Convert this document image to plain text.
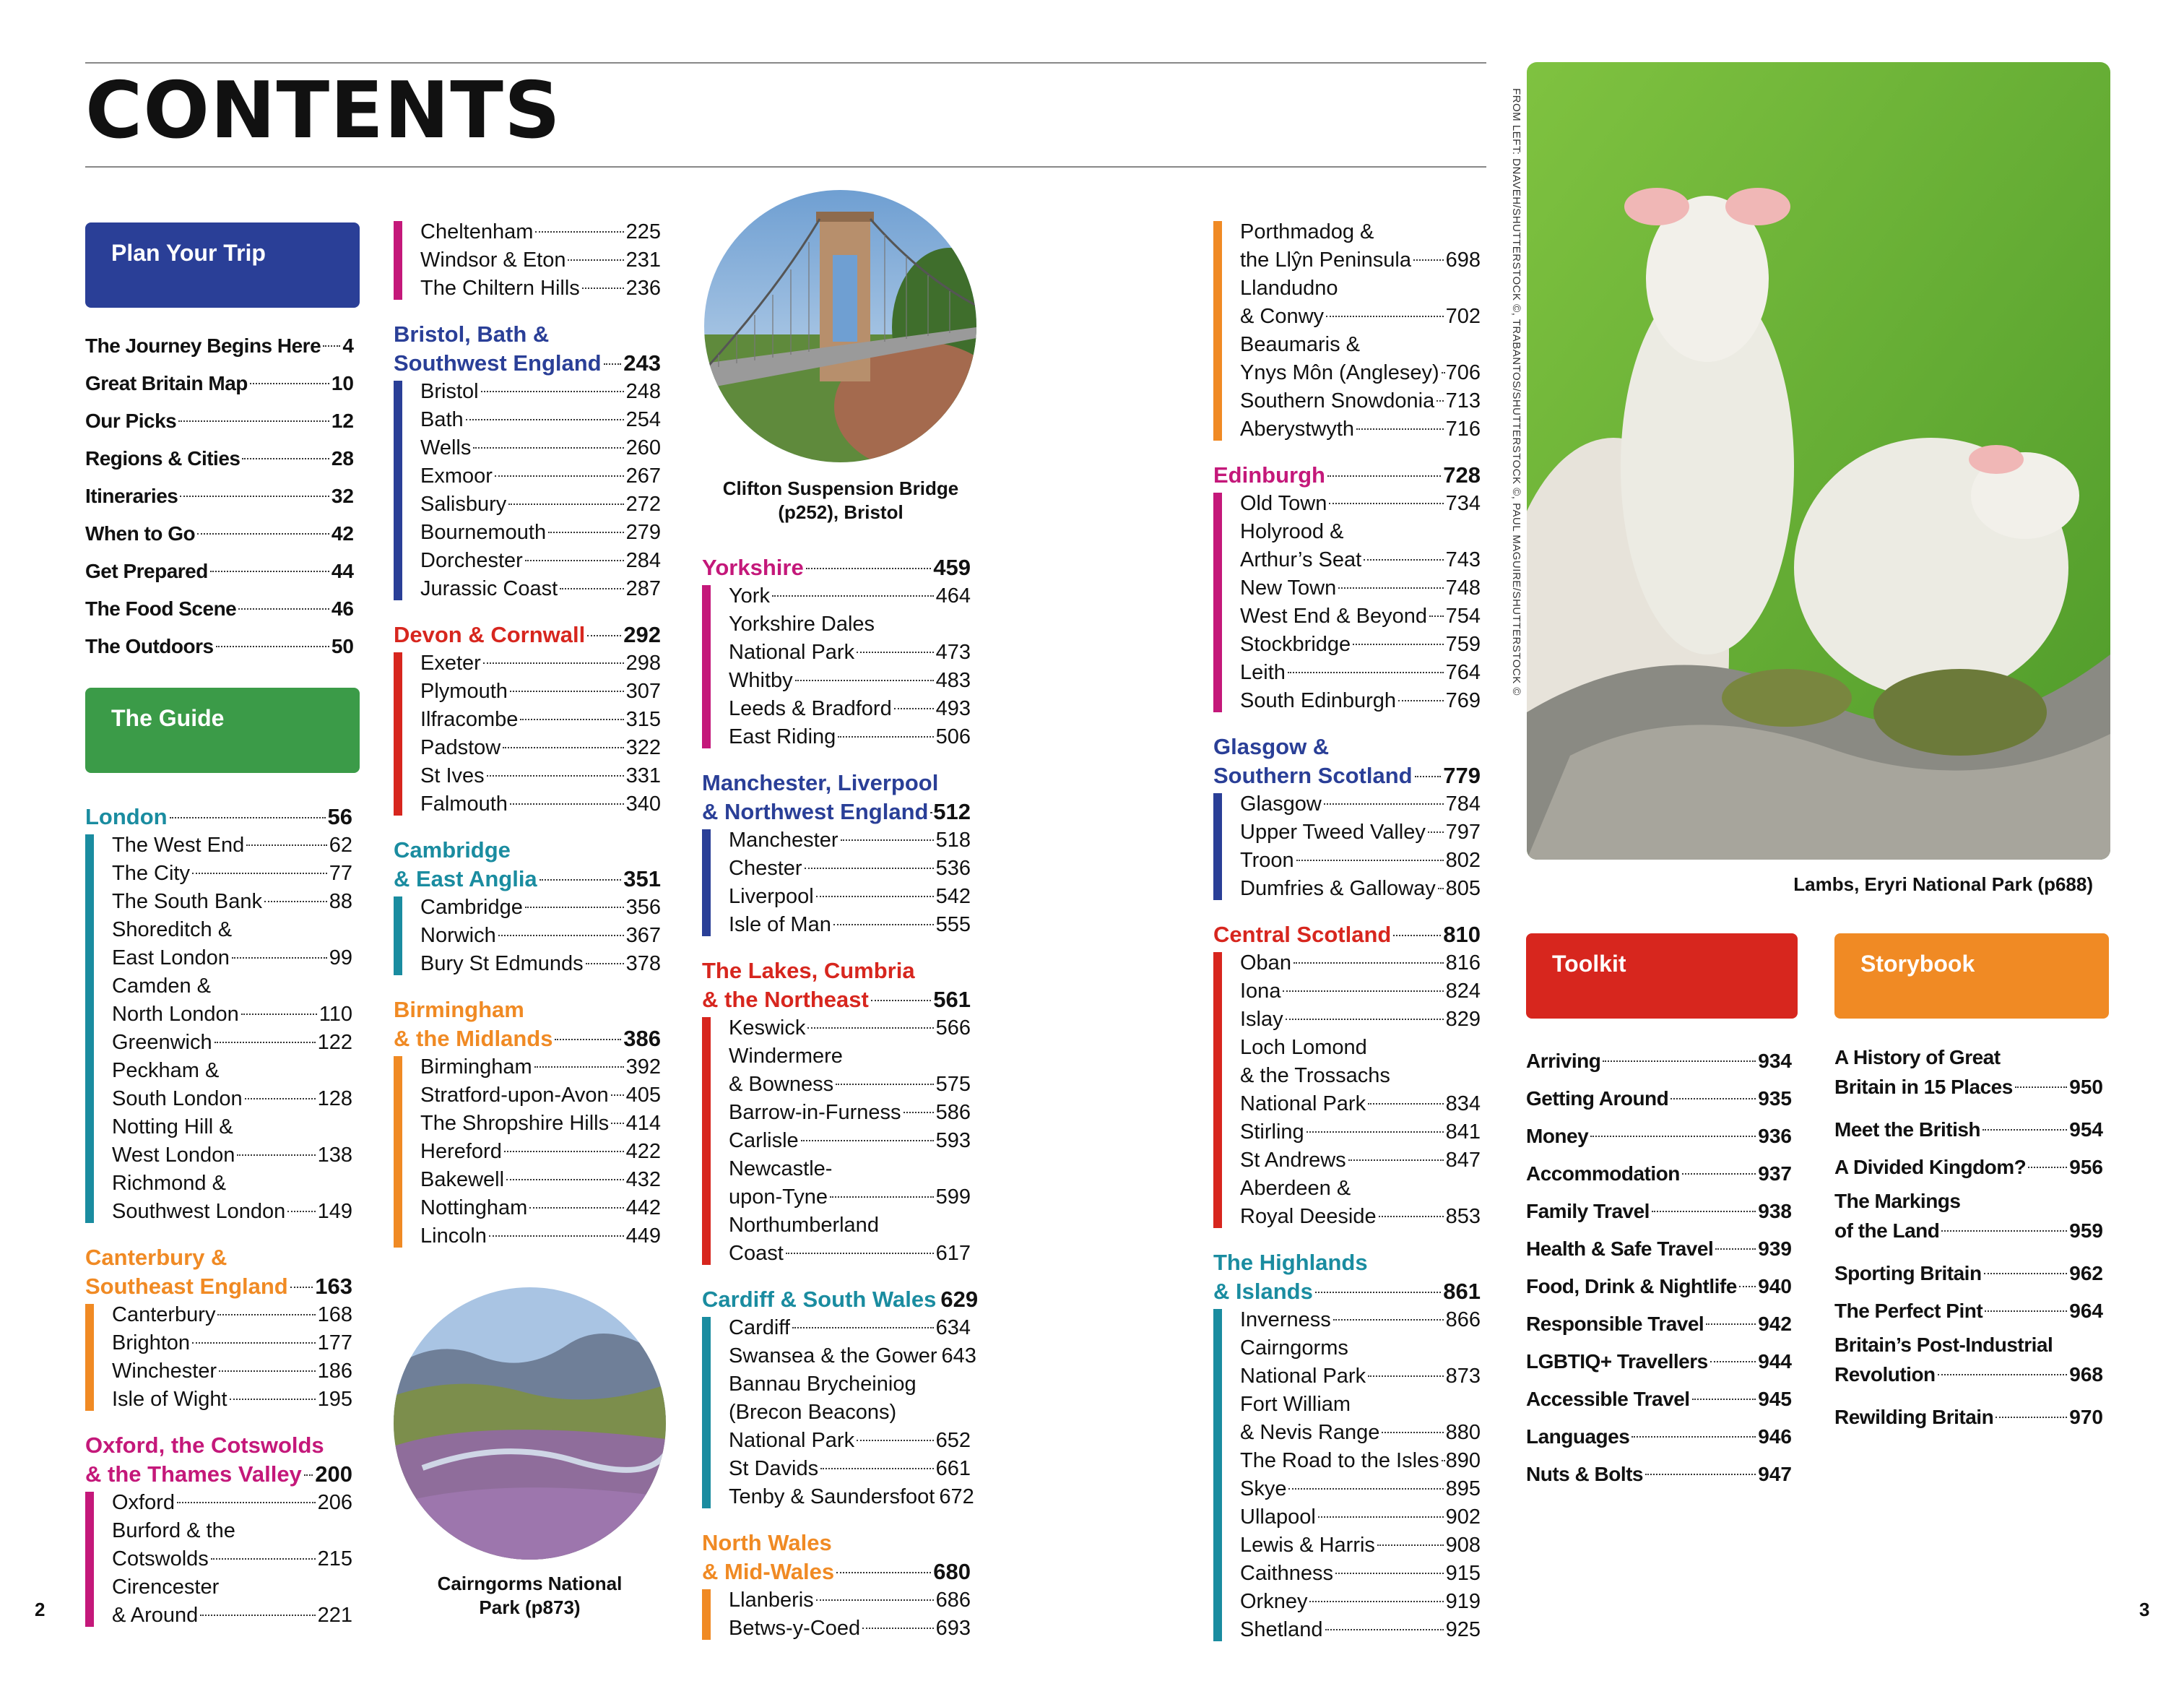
CONTENTS
Plan Your Trip
The Journey Begins Here 4
Great Britain Map	10
Our Picks	12
Regions & Cities	28
Itineraries	32
When to Go	42
Get Prepared	44
The Food Scene	46
The Outdoors	50
The Guide
London	56
The West End	62
The City	77
The South Bank	88
Shoreditch &
East London	99
Camden &
North London	110
Greenwich	122
Peckham &
South London	128
Notting Hill &
West London	138
Richmond &
Southwest London 149
Canterbury &
Southeast England 163
Canterbury	168
Brighton	177
Winchester	186
Isle of Wight	195
Oxford, the Cotswolds
& the Thames Valley 200
Oxford	206
Burford & the
Cotswolds	215
Cirencester
& Around	221
Cheltenham	225
Windsor & Eton	231
The Chiltern Hills 236
Bristol, Bath &
Southwest England 243
Bristol	248
Bath	254
Wells	260
Exmoor	267
Salisbury	272
Bournemouth	279
Dorchester	284
Jurassic Coast	287
Devon & Cornwall 292
Exeter	298
Plymouth	307
Ilfracombe	315
Padstow	322
St Ives	331
Falmouth	340
Cambridge
& East Anglia	351
Cambridge	356
Norwich	367
Bury St Edmunds 378
Birmingham
& the Midlands	386
Birmingham	392
Stratford-upon-Avon 405
The Shropshire Hills 414
Hereford	422
Bakewell	432
Nottingham	442
Lincoln	449
Yorkshire	459
York	464
Yorkshire Dales
National Park	473
Whitby	483
Leeds & Bradford 493
East Riding	506
Manchester, Liverpool
& Northwest England 512
Manchester	518
Chester	536
Liverpool	542
Isle of Man	555
The Lakes, Cumbria
& the Northeast	561
Keswick	566
Windermere
& Bowness	575
Barrow-in-Furness 586
Carlisle	593
Newcastle-
upon-Tyne	599
Northumberland
Coast	617
Cardiff & South Wales 629
Cardiff	634
Swansea & the Gower 643
Bannau Brycheiniog
(Brecon Beacons)
National Park	652
St Davids	661
Tenby & Saundersfoot 672
North Wales
& Mid-Wales	680
Llanberis	686
Betws-y-Coed	693
Porthmadog &
the Llŷn Peninsula 698
Llandudno
& Conwy	702
Beaumaris &
Ynys Môn (Anglesey) 706
Southern Snowdonia 713
Aberystwyth	716
Edinburgh	728
Old Town	734
Holyrood &
Arthur’s Seat	743
New Town	748
West End & Beyond 754
Stockbridge	759
Leith	764
South Edinburgh 769
Glasgow &
Southern Scotland 779
Glasgow	784
Upper Tweed Valley 797
Troon	802
Dumfries & Galloway 805
Central Scotland 810
Oban	816
Iona	824
Islay	829
Loch Lomond
& the Trossachs
National Park	834
Stirling	841
St Andrews	847
Aberdeen &
Royal Deeside	853
The Highlands
& Islands	861
Inverness	866
Cairngorms
National Park	873
Fort William
& Nevis Range	880
The Road to the Isles 890
Skye	895
Ullapool	902
Lewis & Harris	908
Caithness	915
Orkney	919
Shetland	925
Clifton Suspension Bridge
(p252), Bristol
Cairngorms National
Park (p873)
FROM LEFT: DNAVEH/SHUTTERSTOCK ©, TRABANTOS/SHUTTERSTOCK ©, PAUL MAGUIRE/SHUTTERSTOCK ©
Lambs, Eryri National Park (p688)
Toolkit
Arriving	934
Getting Around	935
Money	936
Accommodation	937
Family Travel	938
Health & Safe Travel 939
Food, Drink & Nightlife 940
Responsible Travel	942
LGBTIQ+ Travellers 944
Accessible Travel	945
Languages	946
Nuts & Bolts	947
Storybook
A History of Great
Britain in 15 Places	950
Meet the British	954
A Divided Kingdom? 956
The Markings
of the Land	959
Sporting Britain	962
The Perfect Pint	964
Britain’s Post-Industrial
Revolution	968
Rewilding Britain	970
2	3
